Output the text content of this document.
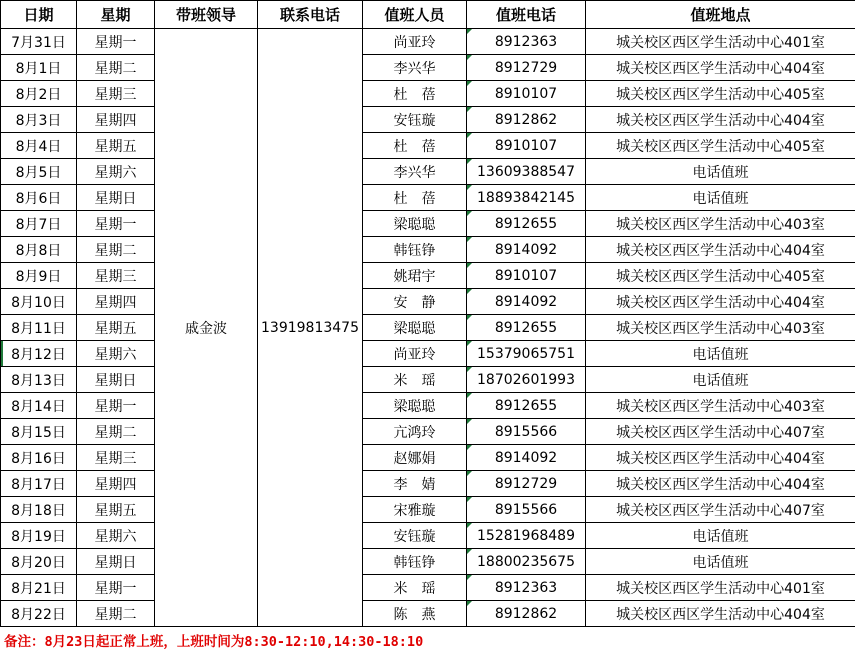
日期	星期	带班领导	联系电话	值班人员	值班电话	值班地点
7月31日	星期一	戚金波	13919813475	尚亚玲	8912363	城关校区西区学生活动中心401室
8月1日	星期二			李兴华	8912729	城关校区西区学生活动中心404室
8月2日	星期三			杜　蓓	8910107	城关校区西区学生活动中心405室
8月3日	星期四			安钰璇	8912862	城关校区西区学生活动中心404室
8月4日	星期五			杜　蓓	8910107	城关校区西区学生活动中心405室
8月5日	星期六			李兴华	13609388547	电话值班
8月6日	星期日			杜　蓓	18893842145	电话值班
8月7日	星期一			梁聪聪	8912655	城关校区西区学生活动中心403室
8月8日	星期二			韩钰铮	8914092	城关校区西区学生活动中心404室
8月9日	星期三			姚珺宇	8910107	城关校区西区学生活动中心405室
8月10日	星期四			安　静	8914092	城关校区西区学生活动中心404室
8月11日	星期五			梁聪聪	8912655	城关校区西区学生活动中心403室
8月12日	星期六			尚亚玲	15379065751	电话值班
8月13日	星期日			米　瑶	18702601993	电话值班
8月14日	星期一			梁聪聪	8912655	城关校区西区学生活动中心403室
8月15日	星期二			亢鸿玲	8915566	城关校区西区学生活动中心407室
8月16日	星期三			赵娜娟	8914092	城关校区西区学生活动中心404室
8月17日	星期四			李　婧	8912729	城关校区西区学生活动中心404室
8月18日	星期五			宋雅璇	8915566	城关校区西区学生活动中心407室
8月19日	星期六			安钰璇	15281968489	电话值班
8月20日	星期日			韩钰铮	18800235675	电话值班
8月21日	星期一			米　瑶	8912363	城关校区西区学生活动中心401室
8月22日	星期二			陈　燕	8912862	城关校区西区学生活动中心404室
备注：8月23日起正常上班，上班时间为8:30-12:10,14:30-18:10
